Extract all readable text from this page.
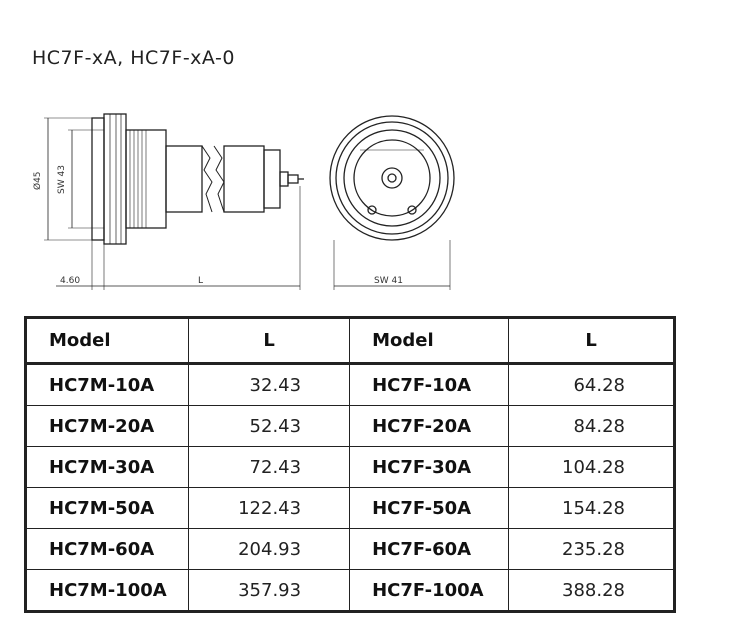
HC7F-xA, HC7F-xA-0
Ø45 SW 43
4.60	L	SW 41
Model	L	Model	L
HC7M-10A	32.43	HC7F-10A	64.28
HC7M-20A	52.43	HC7F-20A	84.28
HC7M-30A	72.43	HC7F-30A	104.28
HC7M-50A	122.43	HC7F-50A	154.28
HC7M-60A	204.93	HC7F-60A	235.28
HC7M-100A	357.93	HC7F-100A	388.28
